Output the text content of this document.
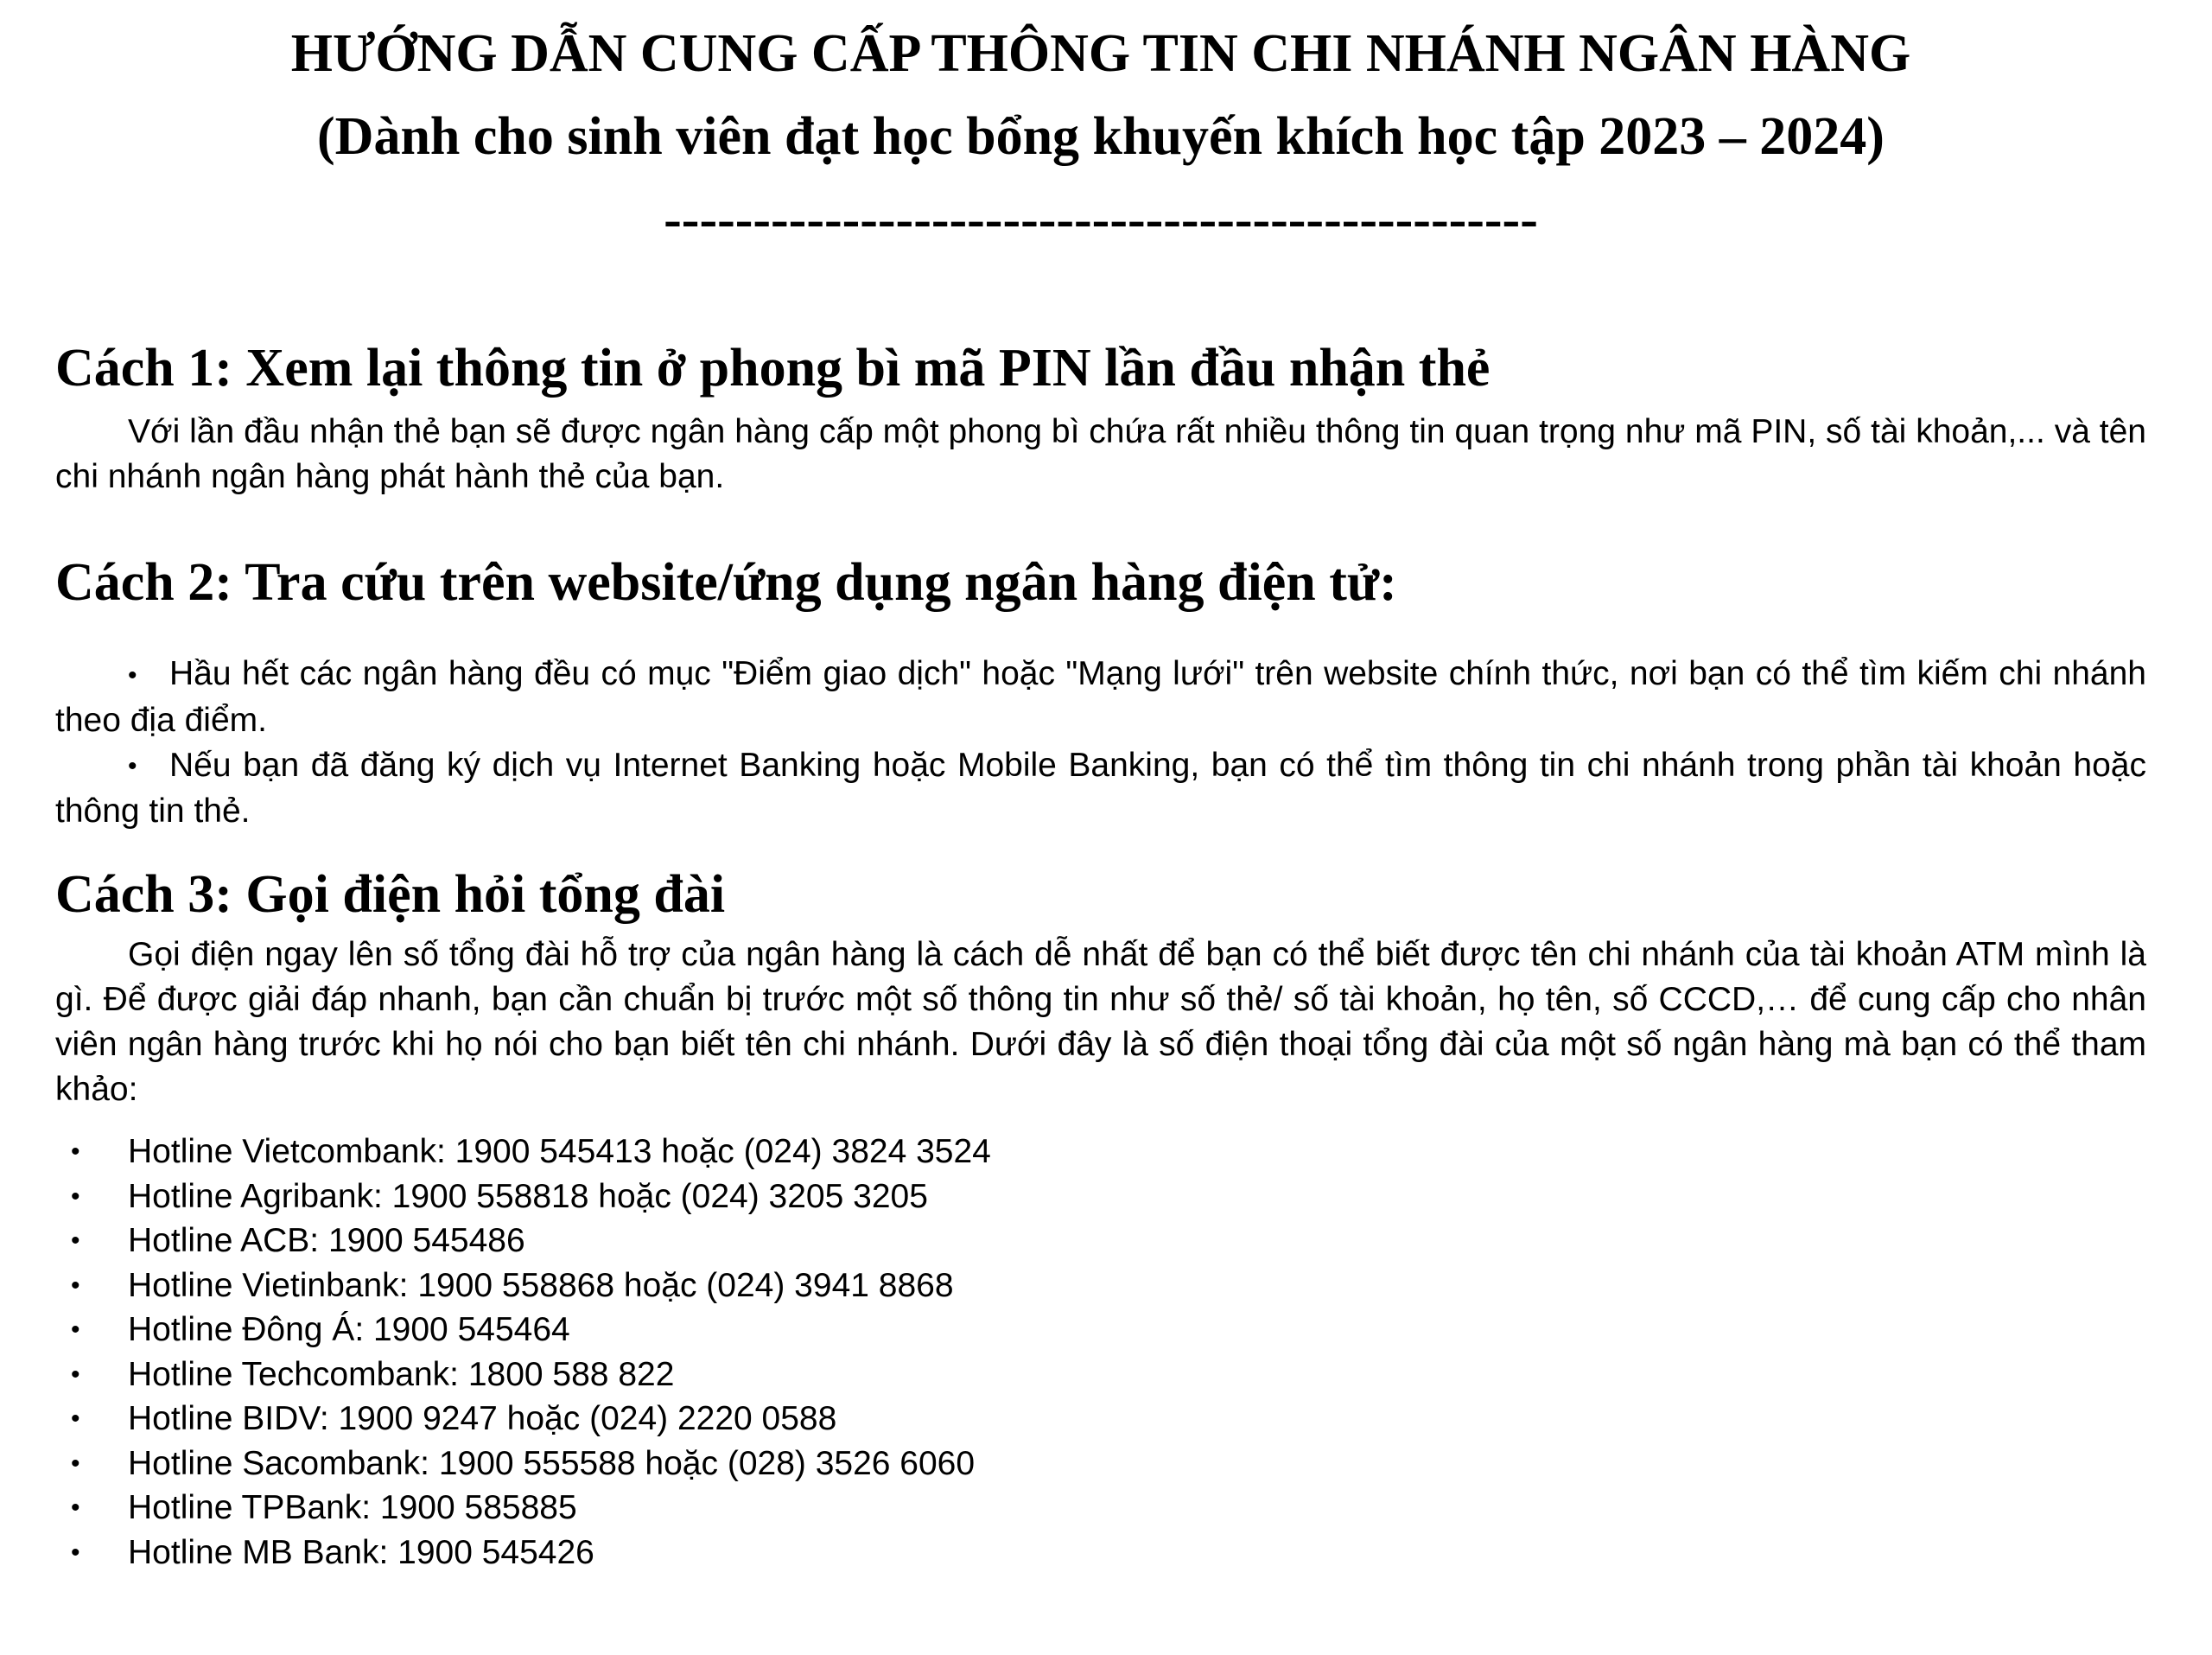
HƯỚNG DẪN CUNG CẤP THÔNG TIN CHI NHÁNH NGÂN HÀNG
(Dành cho sinh viên đạt học bổng khuyến khích học tập 2023 – 2024)
-------------------------------------------------
Cách 1: Xem lại thông tin ở phong bì mã PIN lần đầu nhận thẻ

Với lần đầu nhận thẻ bạn sẽ được ngân hàng cấp một phong bì chứa rất nhiều thông tin quan trọng như mã PIN, số tài khoản,... và tên chi nhánh ngân hàng phát hành thẻ của bạn.

Cách 2: Tra cứu trên website/ứng dụng ngân hàng điện tử:

• Hầu hết các ngân hàng đều có mục "Điểm giao dịch" hoặc "Mạng lưới" trên website chính thức, nơi bạn có thể tìm kiếm chi nhánh theo địa điểm.

• Nếu bạn đã đăng ký dịch vụ Internet Banking hoặc Mobile Banking, bạn có thể tìm thông tin chi nhánh trong phần tài khoản hoặc thông tin thẻ.

Cách 3: Gọi điện hỏi tổng đài

Gọi điện ngay lên số tổng đài hỗ trợ của ngân hàng là cách dễ nhất để bạn có thể biết được tên chi nhánh của tài khoản ATM mình là gì. Để được giải đáp nhanh, bạn cần chuẩn bị trước một số thông tin như số thẻ/ số tài khoản, họ tên, số CCCD,… để cung cấp cho nhân viên ngân hàng trước khi họ nói cho bạn biết tên chi nhánh. Dưới đây là số điện thoại tổng đài của một số ngân hàng mà bạn có thể tham khảo:

• Hotline Vietcombank: 1900 545413 hoặc (024) 3824 3524
• Hotline Agribank: 1900 558818 hoặc (024) 3205 3205
• Hotline ACB: 1900 545486
• Hotline Vietinbank: 1900 558868 hoặc (024) 3941 8868
• Hotline Đông Á: 1900 545464
• Hotline Techcombank: 1800 588 822
• Hotline BIDV: 1900 9247 hoặc (024) 2220 0588
• Hotline Sacombank: 1900 555588 hoặc (028) 3526 6060
• Hotline TPBank: 1900 585885
• Hotline MB Bank: 1900 545426
